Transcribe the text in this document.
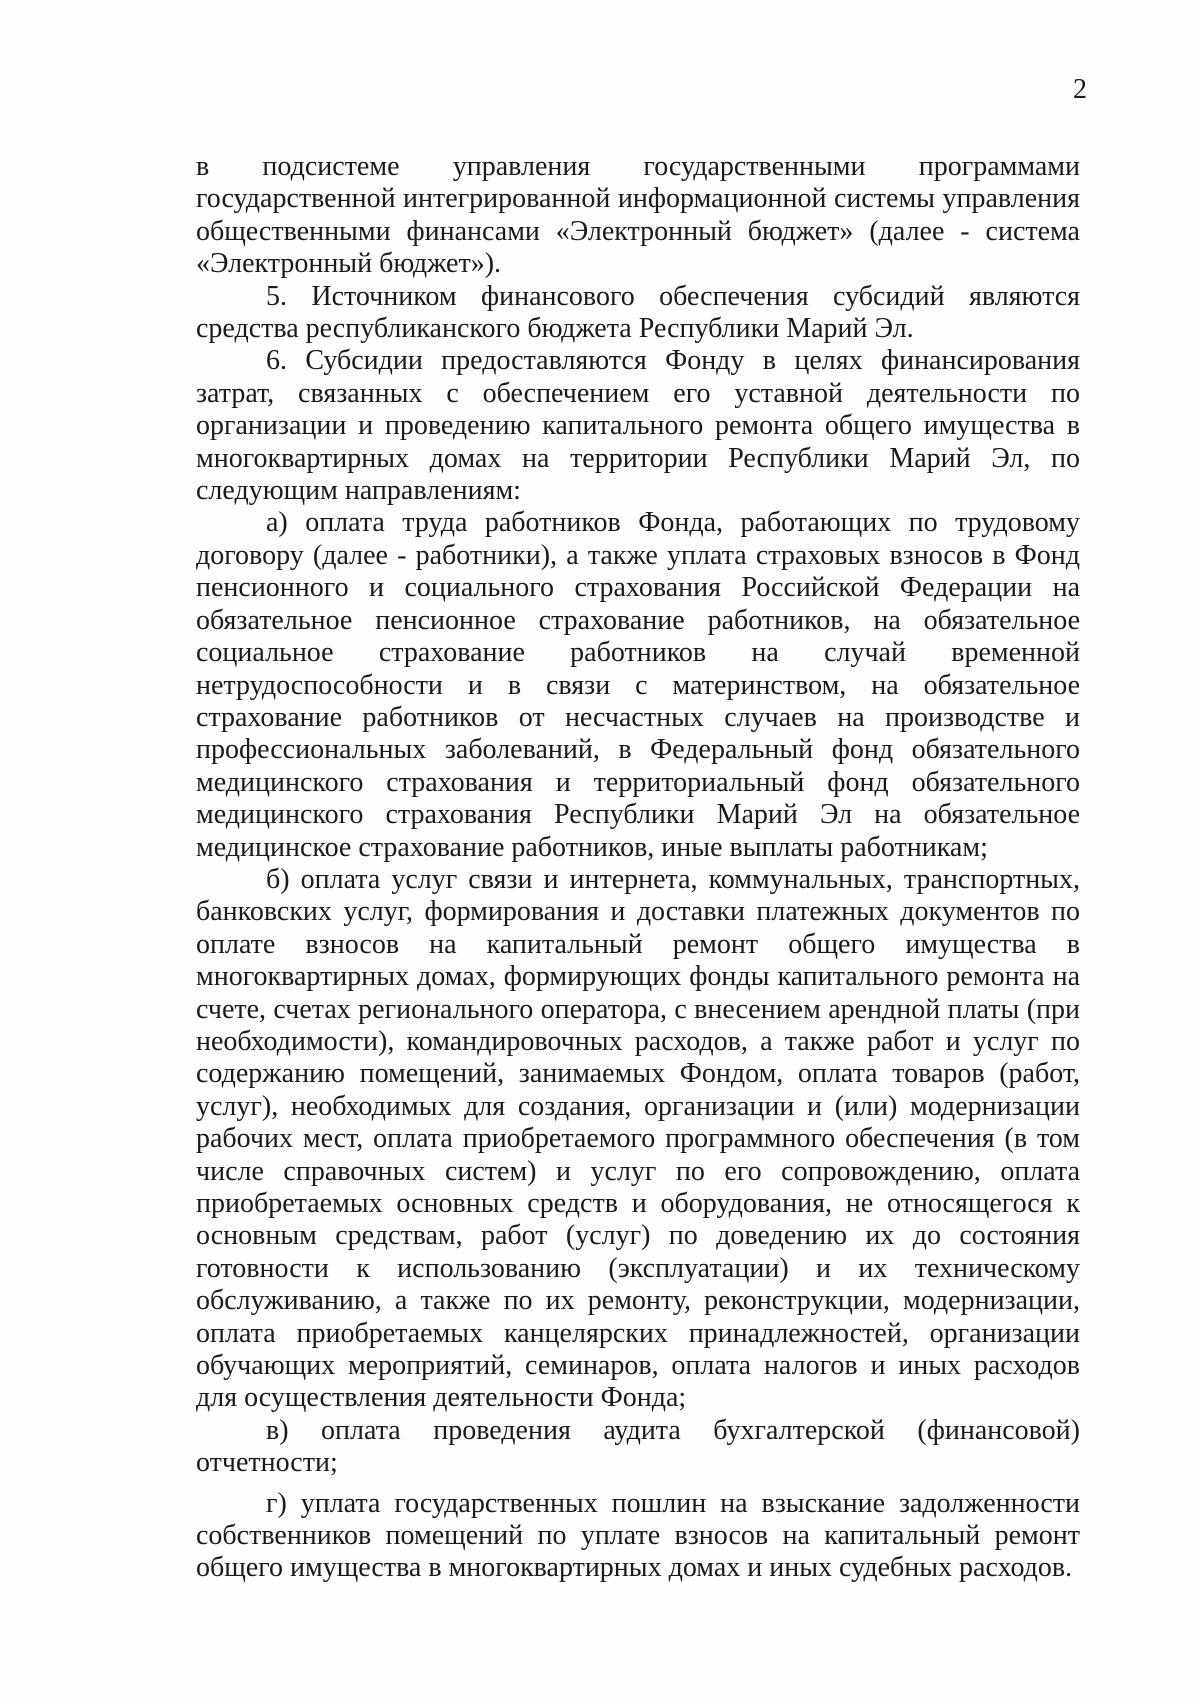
2

в подсистеме управления государственными программами государственной интегрированной информационной системы управления общественными финансами «Электронный бюджет» (далее - система «Электронный бюджет»).

5. Источником финансового обеспечения субсидий являются средства республиканского бюджета Республики Марий Эл.

6. Субсидии предоставляются Фонду в целях финансирования затрат, связанных с обеспечением его уставной деятельности по организации и проведению капитального ремонта общего имущества в многоквартирных домах на территории Республики Марий Эл, по следующим направлениям:

а) оплата труда работников Фонда, работающих по трудовому договору (далее - работники), а также уплата страховых взносов в Фонд пенсионного и социального страхования Российской Федерации на обязательное пенсионное страхование работников, на обязательное социальное страхование работников на случай временной нетрудоспособности и в связи с материнством, на обязательное страхование работников от несчастных случаев на производстве и профессиональных заболеваний, в Федеральный фонд обязательного медицинского страхования и территориальный фонд обязательного медицинского страхования Республики Марий Эл на обязательное медицинское страхование работников, иные выплаты работникам;

б) оплата услуг связи и интернета, коммунальных, транспортных, банковских услуг, формирования и доставки платежных документов по оплате взносов на капитальный ремонт общего имущества в многоквартирных домах, формирующих фонды капитального ремонта на счете, счетах регионального оператора, с внесением арендной платы (при необходимости), командировочных расходов, а также работ и услуг по содержанию помещений, занимаемых Фондом, оплата товаров (работ, услуг), необходимых для создания, организации и (или) модернизации рабочих мест, оплата приобретаемого программного обеспечения (в том числе справочных систем) и услуг по его сопровождению, оплата приобретаемых основных средств и оборудования, не относящегося к основным средствам, работ (услуг) по доведению их до состояния готовности к использованию (эксплуатации) и их техническому обслуживанию, а также по их ремонту, реконструкции, модернизации, оплата приобретаемых канцелярских принадлежностей, организации обучающих мероприятий, семинаров, оплата налогов и иных расходов для осуществления деятельности Фонда;

в) оплата проведения аудита бухгалтерской (финансовой) отчетности;

г) уплата государственных пошлин на взыскание задолженности собственников помещений по уплате взносов на капитальный ремонт общего имущества в многоквартирных домах и иных судебных расходов.
